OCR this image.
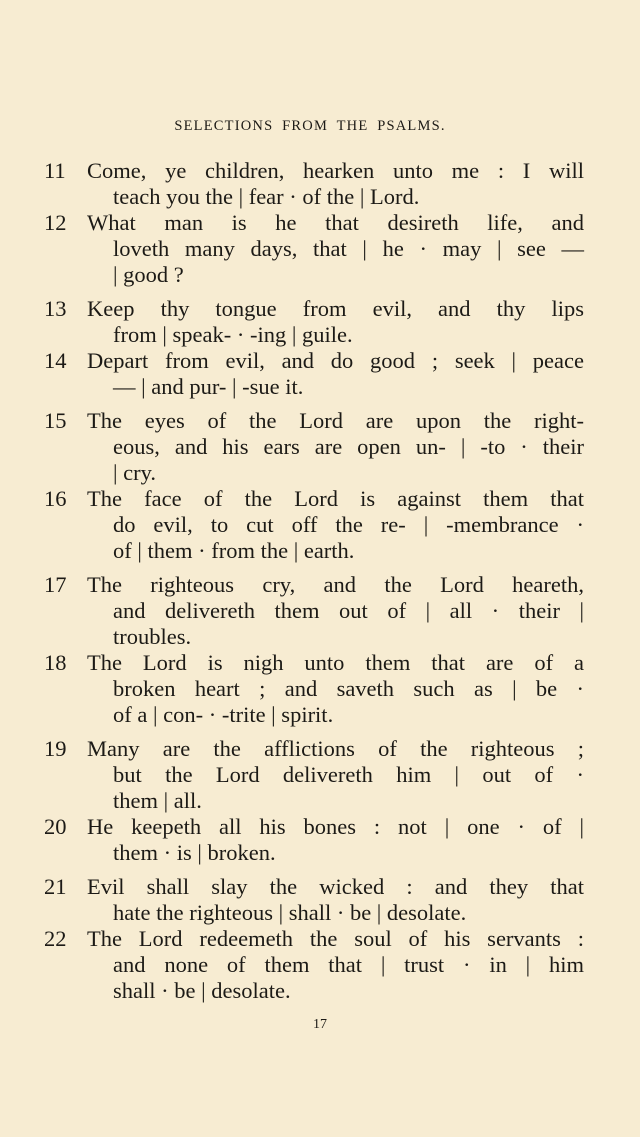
SELECTIONS FROM THE PSALMS.
11 Come, ye children, hearken unto me : I will
teach you the | fear · of the | Lord.
12 What man is he that desireth life, and
loveth many days, that | he · may | see —
| good ?
13 Keep thy tongue from evil, and thy lips
from | speak- · -ing | guile.
14 Depart from evil, and do good ; seek | peace
— | and pur- | -sue it.
15 The eyes of the Lord are upon the right-
eous, and his ears are open un- | -to · their
| cry.
16 The face of the Lord is against them that
do evil, to cut off the re- | -membrance ·
of | them · from the | earth.
17 The righteous cry, and the Lord heareth,
and delivereth them out of | all · their |
troubles.
18 The Lord is nigh unto them that are of a
broken heart ; and saveth such as | be ·
of a | con- · -trite | spirit.
19 Many are the afflictions of the righteous ;
but the Lord delivereth him | out of ·
them | all.
20 He keepeth all his bones : not | one · of |
them · is | broken.
21 Evil shall slay the wicked : and they that
hate the righteous | shall · be | desolate.
22 The Lord redeemeth the soul of his servants :
and none of them that | trust · in | him
shall · be | desolate.
17
